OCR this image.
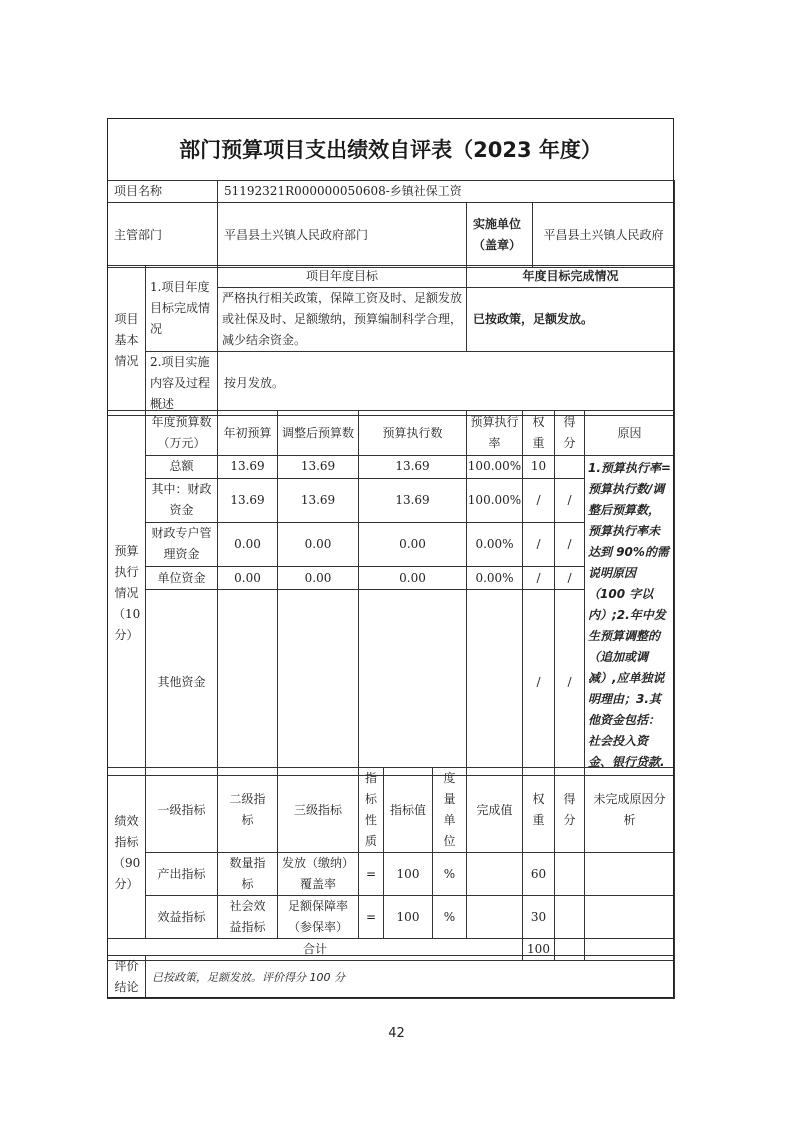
部门预算项目支出绩效自评表（2023 年度）
项目名称	51192321R000000050608-乡镇社保工资		
主管部门	平昌县土兴镇人民政府部门	实施单位（盖章）	平昌县土兴镇人民政府
项目基本情况	1.项目年度目标完成情况	项目年度目标	年度目标完成情况
		严格执行相关政策，保障工资及时、足额发放或社保及时、足额缴纳，预算编制科学合理，减少结余资金。	已按政策，足额发放。
	2.项目实施内容及过程概述	按月发放。	
预算执行情况（10分）	年度预算数（万元）	年初预算	调整后预算数	预算执行数	预算执行率	权重	得分	原因
	总额	13.69	13.69	13.69	100.00%	10		1.预算执行率=预算执行数/调整后预算数，预算执行率未达到 90%的需说明原因（100 字以内）;2.年中发生预算调整的（追加或调减）,应单独说明理由；3.其他资金包括：社会投入资金、银行贷款.
	其中：财政资金	13.69	13.69	13.69	100.00%	/	/	
	财政专户管理资金	0.00	0.00	0.00	0.00%	/	/	
	单位资金	0.00	0.00	0.00	0.00%	/	/	
	其他资金					/	/	
绩效指标（90分）	一级指标	二级指标	三级指标	指标性质	指标值	度量单位	完成值	权重	得分	未完成原因分析
	产出指标	数量指标	发放（缴纳）覆盖率	=	100	%		60		
	效益指标	社会效益指标	足额保障率（参保率）	=	100	%		30		
合计								100		
评价结论	已按政策，足额发放。评价得分 100 分
42
